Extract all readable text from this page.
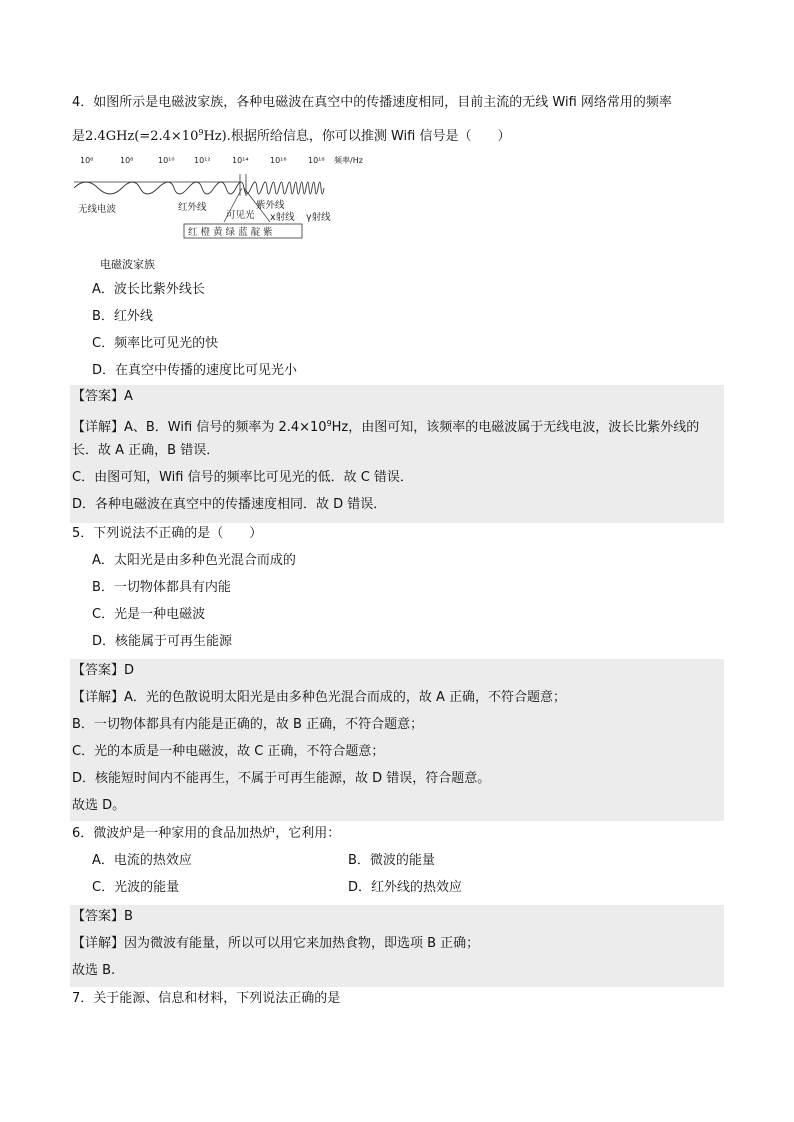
4．如图所示是电磁波家族，各种电磁波在真空中的传播速度相同，目前主流的无线 Wifi 网络常用的频率
是$2.4GHz(=2.4\times 10^9Hz)$.根据所给信息，你可以推测 Wifi 信号是（　　）
10⁶	10⁸	10¹⁰ 10¹²	10¹⁴	10¹⁶	10¹⁸ 频率/Hz
无线电波	红外线
可见光
紫外线
x射线 γ射线
红 橙 黄 绿 蓝 靛 紫
电磁波家族
A．波长比紫外线长
B．红外线
C．频率比可见光的快
D．在真空中传播的速度比可见光小
【答案】A
【详解】A、B．Wifi 信号的频率为 $2.4\times 10^9Hz$，由图可知，该频率的电磁波属于无线电波，波长比紫外线的
长．故 A 正确，B 错误．
C．由图可知，Wifi 信号的频率比可见光的低．故 C 错误．
D．各种电磁波在真空中的传播速度相同．故 D 错误．
5．下列说法不正确的是（　　）
A．太阳光是由多种色光混合而成的
B．一切物体都具有内能
C．光是一种电磁波
D．核能属于可再生能源
【答案】D
【详解】A．光的色散说明太阳光是由多种色光混合而成的，故 A 正确，不符合题意；
B．一切物体都具有内能是正确的，故 B 正确，不符合题意；
C．光的本质是一种电磁波，故 C 正确，不符合题意；
D．核能短时间内不能再生，不属于可再生能源，故 D 错误，符合题意。
故选 D。
6．微波炉是一种家用的食品加热炉，它利用：
A．电流的热效应	B．微波的能量
C．光波的能量	D．红外线的热效应
【答案】B
【详解】因为微波有能量，所以可以用它来加热食物，即选项 B 正确；
故选 B.
7．关于能源、信息和材料，下列说法正确的是
